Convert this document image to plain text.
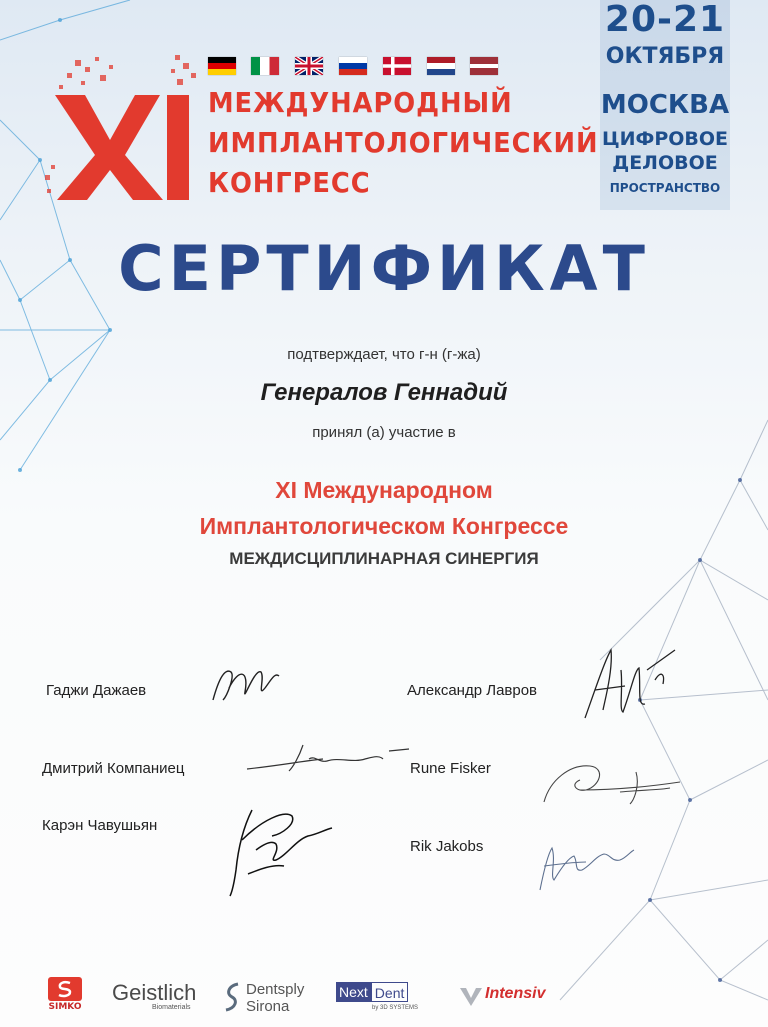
МЕЖДУНАРОДНЫЙ
ИМПЛАНТОЛОГИЧЕСКИЙ
КОНГРЕСС
20-21
ОКТЯБРЯ
МОСКВА
ЦИФРОВОЕ
ДЕЛОВОЕ
ПРОСТРАНСТВО
СЕРТИФИКАТ
подтверждает, что г-н (г-жа)
Генералов Геннадий
принял (а) участие в
XI Международном
Имплантологическом Конгрессе
МЕЖДИСЦИПЛИНАРНАЯ СИНЕРГИЯ
Гаджи Дажаев
Дмитрий Компаниец
Карэн Чавушьян
Александр Лавров
Rune Fisker
Rik Jakobs
SIMKO
Geistlich
Biomaterials
Dentsply
Sirona
Next Dent
by 3D SYSTEMS
Intensiv
